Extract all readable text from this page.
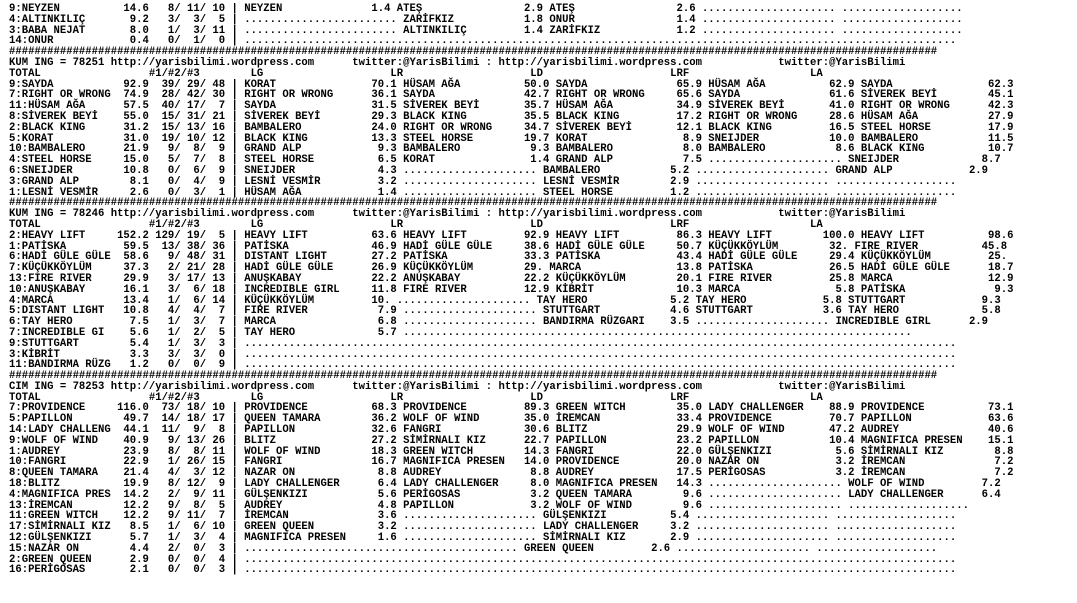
9:NEYZEN          14.6   8/ 11/ 10 | NEYZEN              1.4 ATEŞ                2.9 ATEŞ                2.6 ..................... ...................
4:ALTINKILIÇ       9.2   3/  3/  5 | ........................ ZARİFKIZ           1.8 ONUR                1.4 ..................... ...................
3:BABA NEJAT       8.0   1/  3/ 11 | ........................ ALTINKILIÇ         1.4 ZARİFKIZ            1.2 ..................... ...................
14:ONUR            0.4   0/  1/  0 | ................................................................................................................
##################################################################################################################################################
KUM ING = 78251 http://yarisbilimi.wordpress.com      twitter:@YarisBilimi : http://yarisbilimi.wordpress.com            twitter:@YarisBilimi
TOTAL                 #1/#2/#3        LG                    LR                    LD                    LRF                   LA
9:SAYDA           92.9  39/ 29/ 48 | KORAT               70.1 HÜSAM AĞA          50.0 SAYDA              65.9 HÜSAM AĞA          62.9 SAYDA               62.3
7:RIGHT OR WRONG  74.9  28/ 42/ 30 | RIGHT OR WRONG      36.1 SAYDA              42.7 RIGHT OR WRONG     65.6 SAYDA              61.6 SİVEREK BEYİ        45.1
11:HÜSAM AĞA      57.5  40/ 17/  7 | SAYDA               31.5 SİVEREK BEYİ       35.7 HÜSAM AĞA          34.9 SİVEREK BEYİ       41.0 RIGHT OR WRONG      42.3
8:SİVEREK BEYİ    55.0  15/ 31/ 21 | SİVEREK BEYİ        29.3 BLACK KING         35.5 BLACK KING         17.2 RIGHT OR WRONG     28.6 HÜSAM AĞA           27.9
2:BLACK KING      31.2  15/ 13/ 16 | BAMBALERO           24.0 RIGHT OR WRONG     34.7 SİVEREK BEYİ       12.1 BLACK KING         16.5 STEEL HORSE         17.9
5:KORAT           31.0  19/ 10/ 12 | BLACK KING          13.3 STEEL HORSE        19.7 KORAT               8.9 SNEIJDER           10.0 BAMBALERO           11.5
10:BAMBALERO      21.9   9/  8/  9 | GRAND ALP            9.3 BAMBALERO           9.3 BAMBALERO           8.0 BAMBALERO           8.6 BLACK KING          10.7
4:STEEL HORSE     15.0   5/  7/  8 | STEEL HORSE          6.5 KORAT               1.4 GRAND ALP           7.5 ..................... SNEIJDER             8.7
6:SNEIJDER        10.8   0/  6/  9 | SNEIJDER             4.3 ..................... BAMBALERO           5.2 ..................... GRAND ALP            2.9
3:GRAND ALP        8.1   0/  4/  9 | LESNİ VESMİR         3.2 ..................... LESNİ VESMİR        2.9 ..................... ...................
1:LESNİ VESMİR     2.6   0/  3/  1 | HÜSAM AĞA            1.4 ..................... STEEL HORSE         1.2 ..................... ...................
##################################################################################################################################################
KUM ING = 78246 http://yarisbilimi.wordpress.com      twitter:@YarisBilimi : http://yarisbilimi.wordpress.com            twitter:@YarisBilimi
TOTAL                 #1/#2/#3        LG                    LR                    LD                    LRF                   LA
2:HEAVY LIFT     152.2 129/ 19/  5 | HEAVY LIFT          63.6 HEAVY LIFT         92.9 HEAVY LIFT         86.3 HEAVY LIFT        100.0 HEAVY LIFT          98.6
1:PATİSKA         59.5  13/ 38/ 36 | PATİSKA             46.9 HADİ GÜLE GÜLE     38.6 HADİ GÜLE GÜLE     50.7 KÜÇÜKKÖYLÜM        32. FIRE RIVER          45.8
6:HADİ GÜLE GÜLE  58.6   9/ 48/ 31 | DISTANT LIGHT       27.2 PATİSKA            33.3 PATİSKA            43.4 HADİ GÜLE GÜLE     29.4 KÜÇÜKKÖYLÜM         25.
7:KÜÇÜKKÖYLÜM     37.3   2/ 21/ 28 | HADİ GÜLE GÜLE      26.9 KÜÇÜKKÖYLÜM        29. MARCA               13.8 PATİSKA            26.5 HADİ GÜLE GÜLE      18.7
13:FIRE RIVER     29.9   3/ 17/ 13 | ANUŞKABAY           22.2 ANUŞKABAY          22.2 KÜÇÜKKÖYLÜM        20.1 FIRE RIVER         25.8 MARCA               12.9
10:ANUŞKABAY      16.1   3/  6/ 18 | INCREDIBLE GIRL     11.8 FIRE RIVER         12.9 KİBRİT             10.3 MARCA               5.8 PATİSKA              9.3
4:MARCA           13.4   1/  6/ 14 | KÜÇÜKKÖYLÜM         10. ..................... TAY HERO             5.2 TAY HERO            5.8 STUTTGART            9.3
5:DISTANT LIGHT   10.8   4/  4/  7 | FIRE RIVER           7.9 ..................... STUTTGART           4.6 STUTTGART           3.6 TAY HERO             5.8
6:TAY HERO         7.5   1/  3/  7 | MARCA                6.8 ..................... BANDIRMA RÜZGARI    3.5 ..................... INCREDIBLE GIRL      2.9
7:INCREDIBLE GI    5.6   1/  2/  5 | TAY HERO             5.7 ................................................................................
9:STUTTGART        5.4   1/  3/  3 | ................................................................................................................
3:KİBRİT           3.3   3/  3/  0 | ................................................................................................................
11:BANDIRMA RÜZG   1.2   0/  0/  9 | ................................................................................................................
##################################################################################################################################################
CIM ING = 78253 http://yarisbilimi.wordpress.com      twitter:@YarisBilimi : http://yarisbilimi.wordpress.com            twitter:@YarisBilimi
TOTAL                 #1/#2/#3        LG                    LR                    LD                    LRF                   LA
7:PROVIDENCE     116.0  73/ 18/ 10 | PROVIDENCE          68.3 PROVIDENCE         89.3 GREEN WITCH        35.0 LADY CHALLENGER    88.9 PROVIDENCE          73.1
5:PAPILLON        49.7  14/ 18/ 17 | QUEEN TAMARA        36.2 WOLF OF WIND       35.0 İREMCAN            33.4 PROVIDENCE         70.7 PAPILLON            63.6
14:LADY CHALLENG  44.1  11/  9/  8 | PAPILLON            32.6 FANGRI             30.6 BLITZ              29.9 WOLF OF WIND       47.2 AUDREY              40.6
9:WOLF OF WIND    40.9   9/ 13/ 26 | BLITZ               27.2 SİMİRNALI KIZ      22.7 PAPILLON           23.2 PAPILLON           10.4 MAGNIFICA PRESEN    15.1
1:AUDREY          23.9   8/  8/ 11 | WOLF OF WIND        18.3 GREEN WITCH        14.3 FANGRI             22.0 GÜLŞENKIZI          5.6 SİMİRNALI KIZ        8.8
10:FANGRI         22.9   1/ 26/ 15 | FANGRI              16.7 MAGNIFICA PRESEN   14.0 PROVIDENCE         20.0 NAZAR ON            3.2 İREMCAN              7.2
8:QUEEN TAMARA    21.4   4/  3/ 12 | NAZAR ON             8.8 AUDREY              8.8 AUDREY             17.5 PERİGOSAS           3.2 İREMCAN              7.2
18:BLITZ          19.9   8/ 12/  9 | LADY CHALLENGER      6.4 LADY CHALLENGER     8.0 MAGNIFICA PRESEN   14.3 ..................... WOLF OF WIND         7.2
4:MAGNIFICA PRES  14.2   2/  9/ 11 | GÜLŞENKIZI           5.6 PERİGOSAS           3.2 QUEEN TAMARA        9.6 ..................... LADY CHALLENGER      6.4
13:İREMCAN        12.2   9/  8/  5 | AUDREY               4.8 PAPILLON            3.2 WOLF OF WIND        9.6 ..................... ...................
11:GREEN WITCH    12.2   9/ 11/  7 | İREMCAN              3.6 ..................... GÜLŞENKIZI          5.4 ..................... ...................
17:SİMİRNALI KIZ   8.5   1/  6/ 10 | GREEN QUEEN          3.2 ..................... LADY CHALLENGER     3.2 ..................... ...................
12:GÜLŞENKIZI      5.7   1/  3/  4 | MAGNIFICA PRESEN     1.6 ..................... SİMİRNALI KIZ       2.9 ..................... ...................
15:NAZAR ON        4.4   2/  0/  3 | ........................................... GREEN QUEEN         2.6 ..................... ...................
2:GREEN QUEEN      2.9   0/  0/  4 | ................................................................................................................
16:PERİGOSAS       2.1   0/  0/  3 | ................................................................................................................
